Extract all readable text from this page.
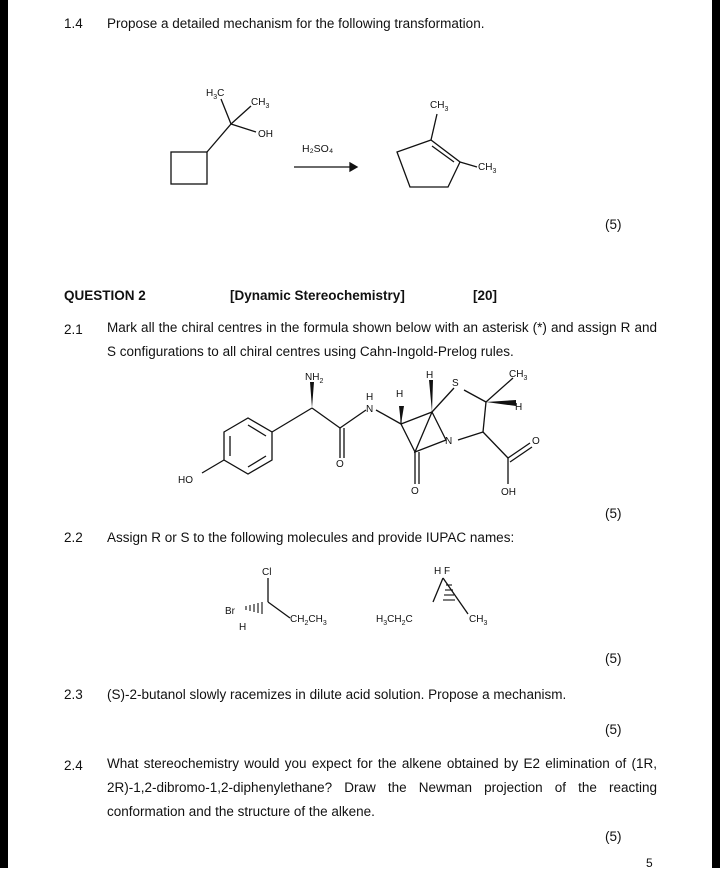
1.4 Propose a detailed mechanism for the following transformation.
$H_3C$
$CH_3$
OH
$CH_3$
$CH_3$
$NH_2$
H	$CH_3$
S
H
H
N	H
N	O
O
HO
O	OH
Cl
Br
H
$CH_2CH_3$
H F
$H_3CH_2C$	$CH_3$
H₂SO₄
(5)
QUESTION 2	[Dynamic Stereochemistry]	[20]
2.1 Mark all the chiral centres in the formula shown below with an asterisk (*) and assign R and S configurations to all chiral centres using Cahn-Ingold-Prelog rules.
(5)
2.2 Assign R or S to the following molecules and provide IUPAC names:
(5)
2.3 (S)-2-butanol slowly racemizes in dilute acid solution. Propose a mechanism.
(5)
2.4 What stereochemistry would you expect for the alkene obtained by E2 elimination of (1R, 2R)-1,2-dibromo-1,2-diphenylethane? Draw the Newman projection of the reacting conformation and the structure of the alkene.
(5)
5
